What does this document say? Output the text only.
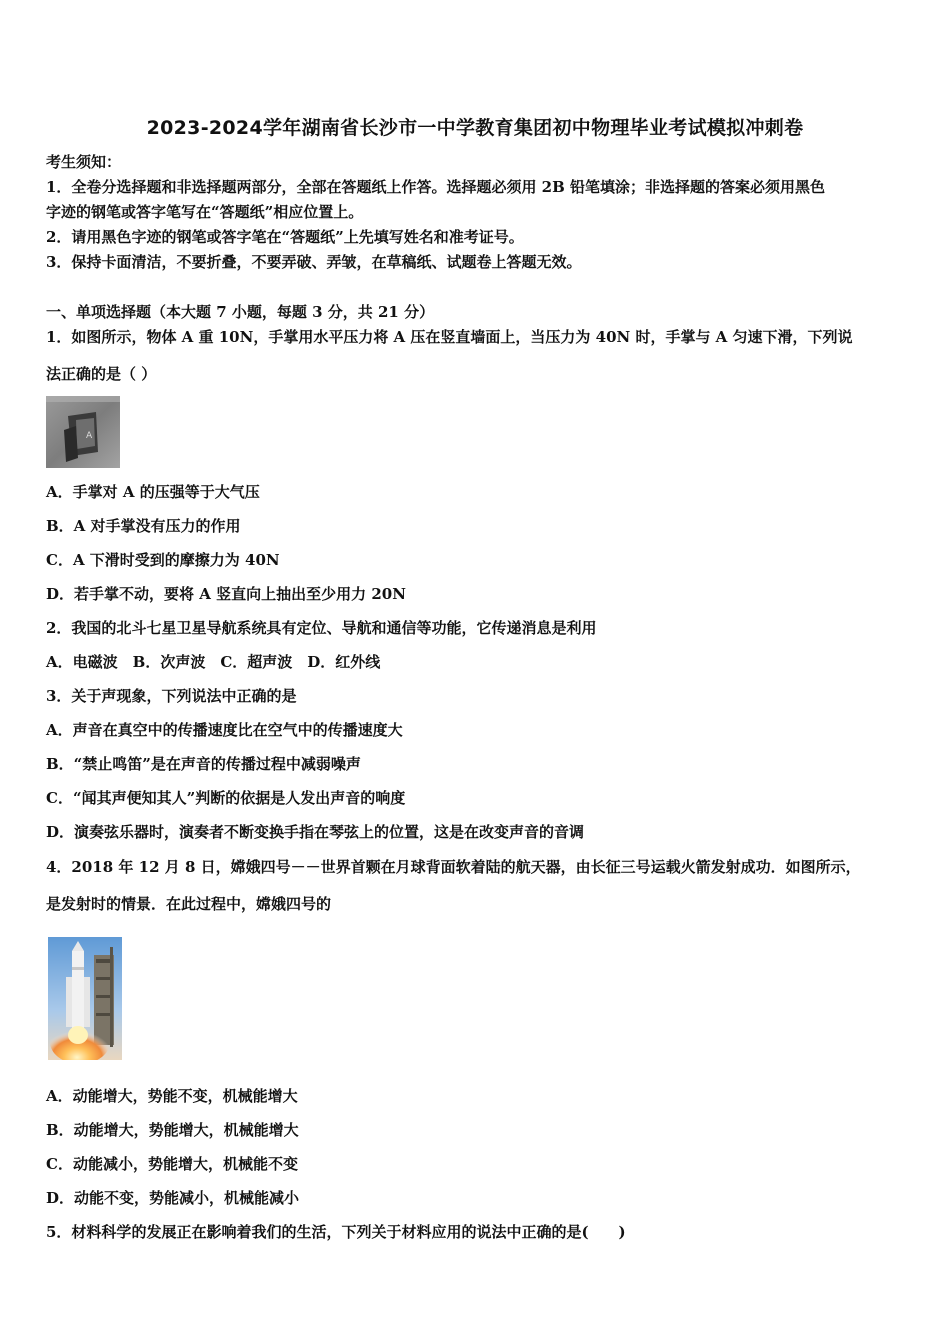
2023-2024学年湖南省长沙市一中学教育集团初中物理毕业考试模拟冲刺卷
考生须知：
1．全卷分选择题和非选择题两部分，全部在答题纸上作答。选择题必须用 2B 铅笔填涂；非选择题的答案必须用黑色
字迹的钢笔或答字笔写在“答题纸”相应位置上。
2．请用黑色字迹的钢笔或答字笔在“答题纸”上先填写姓名和准考证号。
3．保持卡面清洁，不要折叠，不要弄破、弄皱，在草稿纸、试题卷上答题无效。
一、单项选择题（本大题 7 小题，每题 3 分，共 21 分）
1．如图所示，物体 A 重 10N，手掌用水平压力将 A 压在竖直墙面上，当压力为 40N 时，手掌与 A 匀速下滑，下列说
法正确的是（ ）
A
A．手掌对 A 的压强等于大气压
B．A 对手掌没有压力的作用
C．A 下滑时受到的摩擦力为 40N
D．若手掌不动，要将 A 竖直向上抽出至少用力 20N
2．我国的北斗七星卫星导航系统具有定位、导航和通信等功能，它传递消息是利用
A．电磁波　B．次声波　C．超声波　D．红外线
3．关于声现象，下列说法中正确的是
A．声音在真空中的传播速度比在空气中的传播速度大
B．“禁止鸣笛”是在声音的传播过程中减弱噪声
C．“闻其声便知其人”判断的依据是人发出声音的响度
D．演奏弦乐器时，演奏者不断变换手指在琴弦上的位置，这是在改变声音的音调
4．2018 年 12 月 8 日，嫦娥四号－－世界首颗在月球背面软着陆的航天器，由长征三号运载火箭发射成功．如图所示，
是发射时的情景．在此过程中，嫦娥四号的
A．动能增大，势能不变，机械能增大
B．动能增大，势能增大，机械能增大
C．动能减小，势能增大，机械能不变
D．动能不变，势能减小，机械能减小
5．材料科学的发展正在影响着我们的生活，下列关于材料应用的说法中正确的是(　　)
